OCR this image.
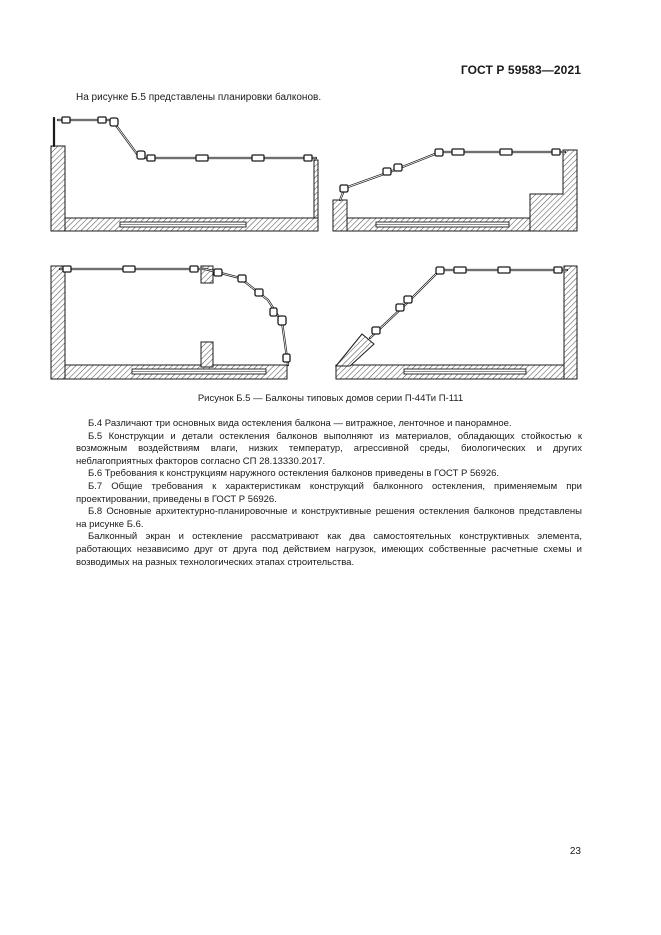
ГОСТ Р 59583—2021
На рисунке Б.5 представлены планировки балконов.
Рисунок Б.5 — Балконы типовых домов серии П-44Ти П-111

Б.4 Различают три основных вида остекления балкона — витражное, ленточное и панорамное.

Б.5 Конструкции и детали остекления балконов выполняют из материалов, обладающих стойкостью к возможным воздействиям влаги, низких температур, агрессивной среды, биологических и других неблагоприятных факторов согласно СП 28.13330.2017.

Б.6 Требования к конструкциям наружного остекления балконов приведены в ГОСТ Р 56926.

Б.7 Общие требования к характеристикам конструкций балконного остекления, применяемым при проектировании, приведены в ГОСТ Р 56926.

Б.8 Основные архитектурно-планировочные и конструктивные решения остекления балконов представлены на рисунке Б.6.

Балконный экран и остекление рассматривают как два самостоятельных конструктивных элемента, работающих независимо друг от друга под действием нагрузок, имеющих собственные расчетные схемы и возводимых на разных технологических этапах строительства.

23
